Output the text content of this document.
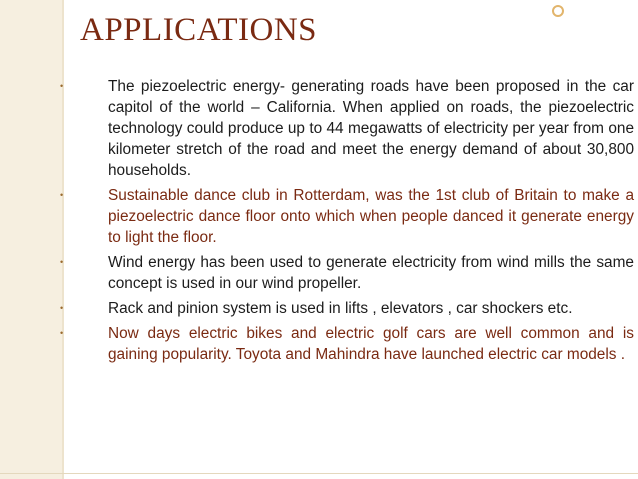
APPLICATIONS
•	The piezoelectric energy- generating roads have been proposed in the car capitol of the world – California. When applied on roads, the piezoelectric technology could produce up to 44 megawatts of electricity per year from one kilometer stretch of the road and meet the energy demand of about 30,800 households.
•	Sustainable dance club in Rotterdam, was the 1st club of Britain to make a piezoelectric dance floor onto which when people danced it generate energy to light the floor.
•	Wind energy has been used to generate electricity from wind mills the same concept is used in our wind propeller.
•	Rack and pinion system is used in lifts , elevators , car shockers etc.
•	Now days electric bikes and electric golf cars are well common and is gaining popularity. Toyota and Mahindra have launched electric car models .
